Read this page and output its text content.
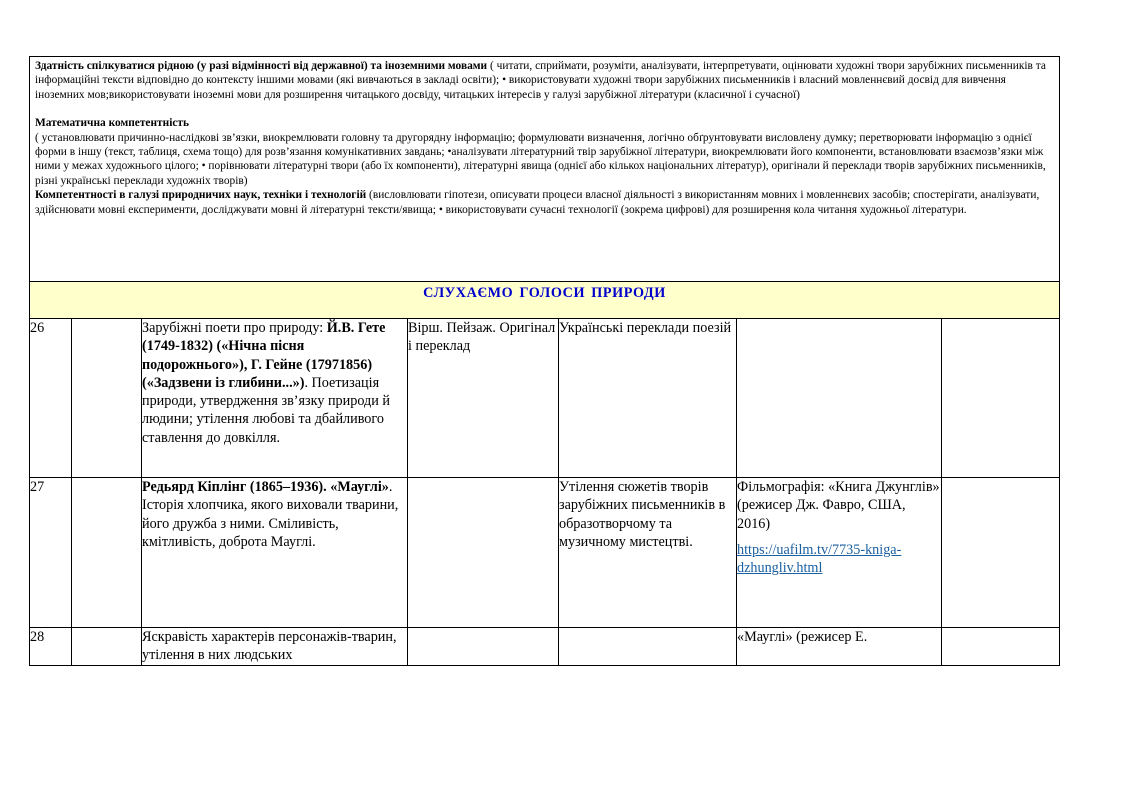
Здатність спілкуватися рідною (у разі відмінності від державної) та іноземними мовами ( читати, сприймати, розуміти, аналізувати, інтерпретувати, оцінювати художні твори зарубіжних письменників та інформаційні тексти відповідно до контексту іншими мовами (які вивчаються в закладі освіти); • використовувати художні твори зарубіжних письменників і власний мовленнєвий досвід для вивчення іноземних мов;використовувати іноземні мови для розширення читацького досвіду, читацьких інтересів у галузі зарубіжної літератури (класичної і сучасної)

Математична компетентність

( установлювати причинно-наслідкові зв’язки, виокремлювати головну та другорядну інформацію; формулювати визначення, логічно обґрунтовувати висловлену думку; перетворювати інформацію з однієї форми в іншу (текст, таблиця, схема тощо) для розв’язання комунікативних завдань; •аналізувати літературний твір зарубіжної літератури, виокремлювати його компоненти, встановлювати взаємозв’язки між ними у межах художнього цілого; • порівнювати літературні твори (або їх компоненти), літературні явища (однієї або кількох національних літератур), оригінали й переклади творів зарубіжних письменників, різні українські переклади художніх творів)

Компетентності в галузі природничих наук, техніки і технологій (висловлювати гіпотези, описувати процеси власної діяльності з використанням мовних і мовленнєвих засобів; спостерігати, аналізувати, здійснювати мовні експерименти, досліджувати мовні й літературні тексти/явища; • використовувати сучасні технології (зокрема цифрові) для розширення кола читання художньої літератури.						

СЛУХАЄМО ГОЛОСИ ПРИРОДИ						
26		Зарубіжні поети про природу: Й.В. Гете (1749-1832) («Нічна пісня подорожнього»), Г. Гейне (17971856) («Задзвени із глибини...»). Поетизація природи, утвердження зв’язку природи й людини; утілення любові та дбайливого ставлення до довкілля.	Вірш. Пейзаж. Оригінал і переклад	Українські переклади поезій		
27		Редьярд Кіплінг (1865–1936). «Мауглі». Історія хлопчика, якого виховали тварини, його дружба з ними. Сміливість, кмітливість, доброта Мауглі.		Утілення сюжетів творів зарубіжних письменників в образотворчому та музичному мистецтві.	Фільмографія: «Книга Джунглів» (режисер Дж. Фавро, США, 2016)
https://uafilm.tv/7735-kniga-dzhungliv.html	

28		Яскравість характерів персонажів-тварин, утілення в них людських			«Мауглі» (режисер Е.	
